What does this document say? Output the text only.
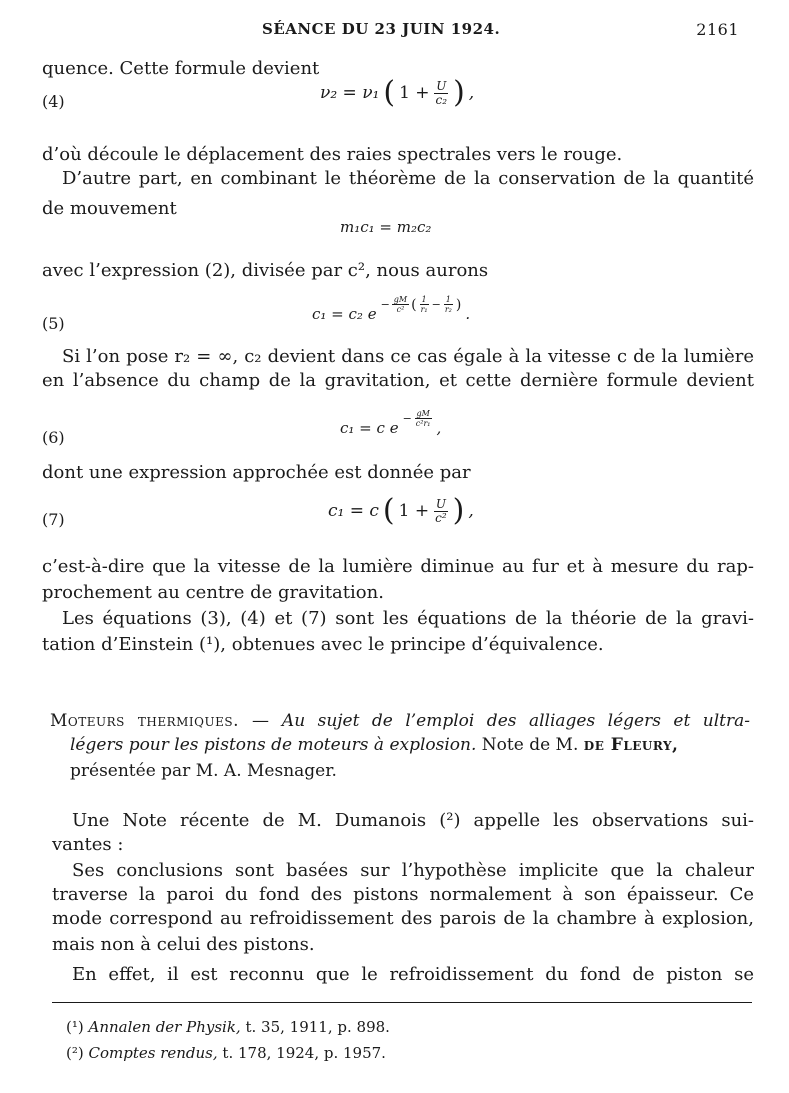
SÉANCE DU 23 JUIN 1924.	2161
quence. Cette formule devient
(4)	ν₂ = ν₁ ( $1 + \frac{U}{\text{c₂}}$ ) ,
d’où découle le déplacement des raies spectrales vers le rouge.
D’autre part, en combinant le théorème de la conservation de la quantité
de mouvement
m₁c₁ = m₂c₂
avec l’expression (2), divisée par c², nous aurons
(5)
c₁ = c₂ $e - \frac{gM}{\text{c²}}$ ( $\frac{1}{\text{r₁}} - \frac{1}{\text{r₂}}$ ) .
Si l’on pose r₂ = ∞, c₂ devient dans ce cas égale à la vitesse c de la lumière
en l’absence du champ de la gravitation, et cette dernière formule devient
(6)
c₁ = c $e - \frac{gM}{\text{c²r₁}}$ ,
dont une expression approchée est donnée par
(7)	c₁ = c ( $1 + \frac{U}{\text{c²}}$ ) ,
c’est-à-dire que la vitesse de la lumière diminue au fur et à mesure du rap-
prochement au centre de gravitation.
Les équations (3), (4) et (7) sont les équations de la théorie de la gravi-
tation d’Einstein (¹), obtenues avec le principe d’équivalence.
Moteurs thermiques. — Au sujet de l’emploi des alliages légers et ultra-
légers pour les pistons de moteurs à explosion. Note de M. de Fleury,
présentée par M. A. Mesnager.
Une Note récente de M. Dumanois (²) appelle les observations sui-
vantes :
Ses conclusions sont basées sur l’hypothèse implicite que la chaleur
traverse la paroi du fond des pistons normalement à son épaisseur. Ce
mode correspond au refroidissement des parois de la chambre à explosion,
mais non à celui des pistons.
En effet, il est reconnu que le refroidissement du fond de piston se
(¹) Annalen der Physik, t. 35, 1911, p. 898.
(²) Comptes rendus, t. 178, 1924, p. 1957.
